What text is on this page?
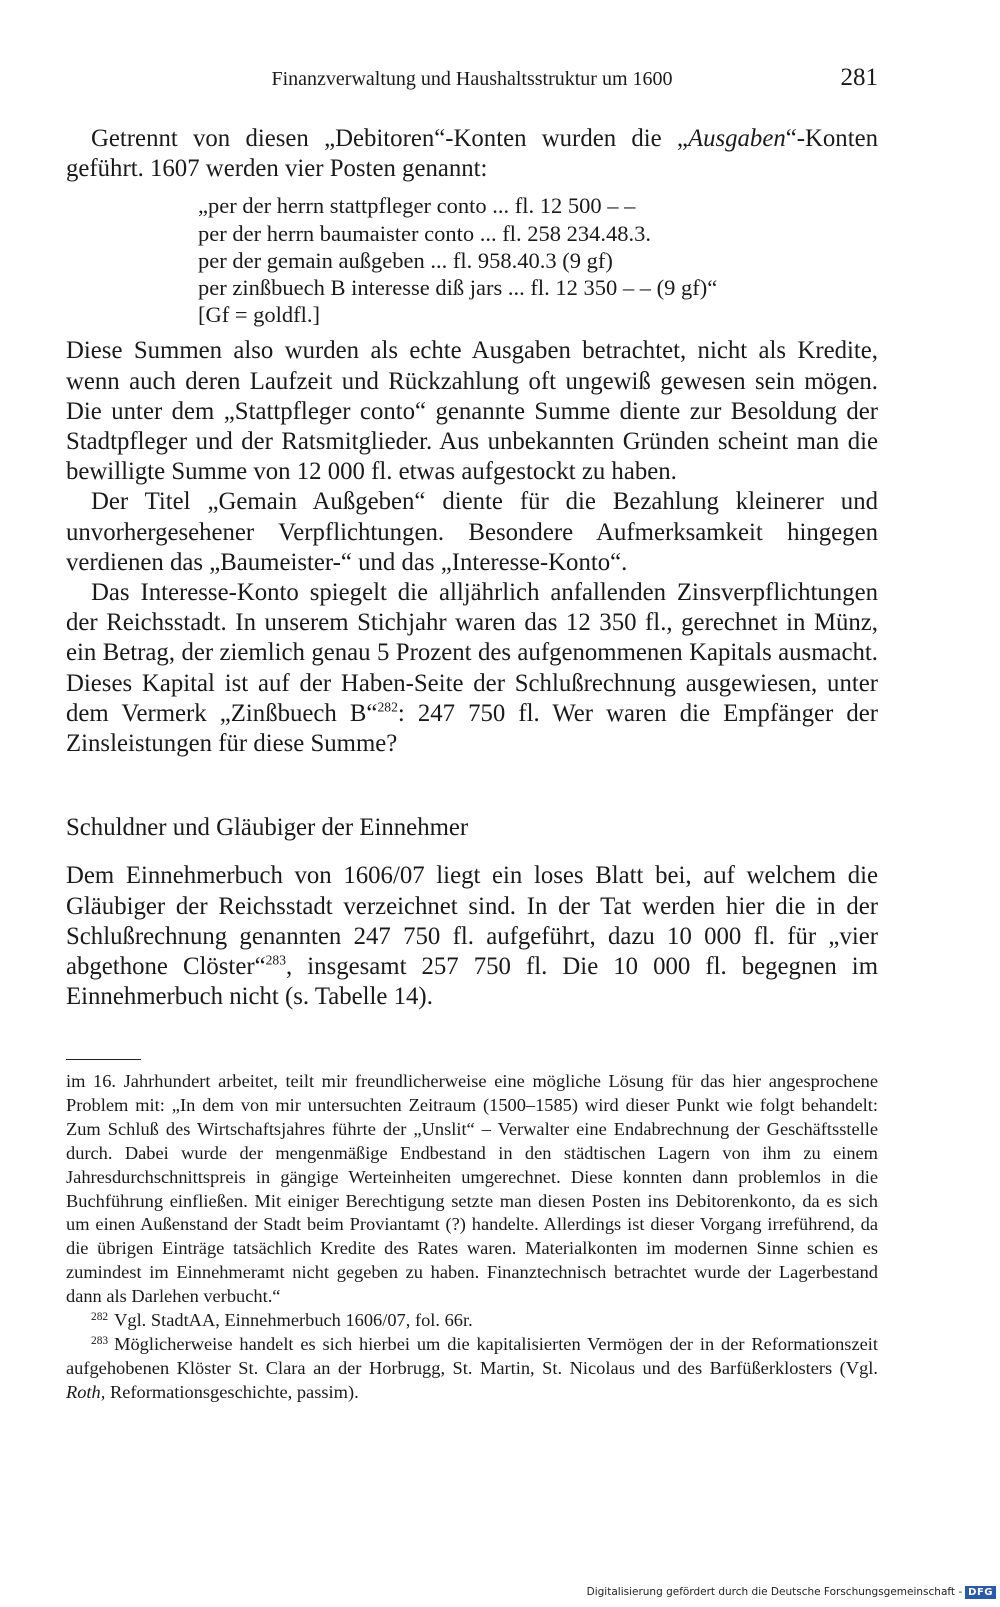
Finanzverwaltung und Haushaltsstruktur um 1600	281

Getrennt von diesen „Debitoren“-Konten wurden die „Ausgaben“-Konten geführt. 1607 werden vier Posten genannt:

„per der herrn stattpfleger conto ... fl. 12 500 – –
per der herrn baumaister conto ... fl. 258 234.48.3.
per der gemain außgeben ... fl. 958.40.3 (9 gf)
per zinßbuech B interesse diß jars ... fl. 12 350 – – (9 gf)“
[Gf = goldfl.]

Diese Summen also wurden als echte Ausgaben betrachtet, nicht als Kredite, wenn auch deren Laufzeit und Rückzahlung oft ungewiß gewesen sein mögen. Die unter dem „Stattpfleger conto“ genannte Summe diente zur Besoldung der Stadtpfleger und der Ratsmitglieder. Aus unbekannten Gründen scheint man die bewilligte Summe von 12 000 fl. etwas aufgestockt zu haben.

Der Titel „Gemain Außgeben“ diente für die Bezahlung kleinerer und unvorhergesehener Verpflichtungen. Besondere Aufmerksamkeit hingegen verdienen das „Baumeister-“ und das „Interesse-Konto“.

Das Interesse-Konto spiegelt die alljährlich anfallenden Zinsverpflichtungen der Reichsstadt. In unserem Stichjahr waren das 12 350 fl., gerechnet in Münz, ein Betrag, der ziemlich genau 5 Prozent des aufgenommenen Kapitals ausmacht. Dieses Kapital ist auf der Haben-Seite der Schlußrechnung ausgewiesen, unter dem Vermerk „Zinßbuech B“$^{282}$: 247 750 fl. Wer waren die Empfänger der Zinsleistungen für diese Summe?

Schuldner und Gläubiger der Einnehmer

Dem Einnehmerbuch von 1606/07 liegt ein loses Blatt bei, auf welchem die Gläubiger der Reichsstadt verzeichnet sind. In der Tat werden hier die in der Schlußrechnung genannten 247 750 fl. aufgeführt, dazu 10 000 fl. für „vier abgethone Clöster“$^{283}$, insgesamt 257 750 fl. Die 10 000 fl. begegnen im Einnehmerbuch nicht (s. Tabelle 14).

im 16. Jahrhundert arbeitet, teilt mir freundlicherweise eine mögliche Lösung für das hier angesprochene Problem mit: „In dem von mir untersuchten Zeitraum (1500–1585) wird dieser Punkt wie folgt behandelt: Zum Schluß des Wirtschaftsjahres führte der „Unslit“ – Verwalter eine Endabrechnung der Geschäftsstelle durch. Dabei wurde der mengenmäßige Endbestand in den städtischen Lagern von ihm zu einem Jahresdurchschnittspreis in gängige Werteinheiten umgerechnet. Diese konnten dann problemlos in die Buchführung einfließen. Mit einiger Berechtigung setzte man diesen Posten ins Debitorenkonto, da es sich um einen Außenstand der Stadt beim Proviantamt (?) handelte. Allerdings ist dieser Vorgang irreführend, da die übrigen Einträge tatsächlich Kredite des Rates waren. Materialkonten im modernen Sinne schien es zumindest im Einnehmeramt nicht gegeben zu haben. Finanztechnisch betrachtet wurde der Lagerbestand dann als Darlehen verbucht.“

$^{282}$ Vgl. StadtAA, Einnehmerbuch 1606/07, fol. 66r.

$^{283}$ Möglicherweise handelt es sich hierbei um die kapitalisierten Vermögen der in der Reformationszeit aufgehobenen Klöster St. Clara an der Horbrugg, St. Martin, St. Nicolaus und des Barfüßerklosters (Vgl. Roth, Reformationsgeschichte, passim).

Digitalisierung gefördert durch die Deutsche Forschungsgemeinschaft - DFG
